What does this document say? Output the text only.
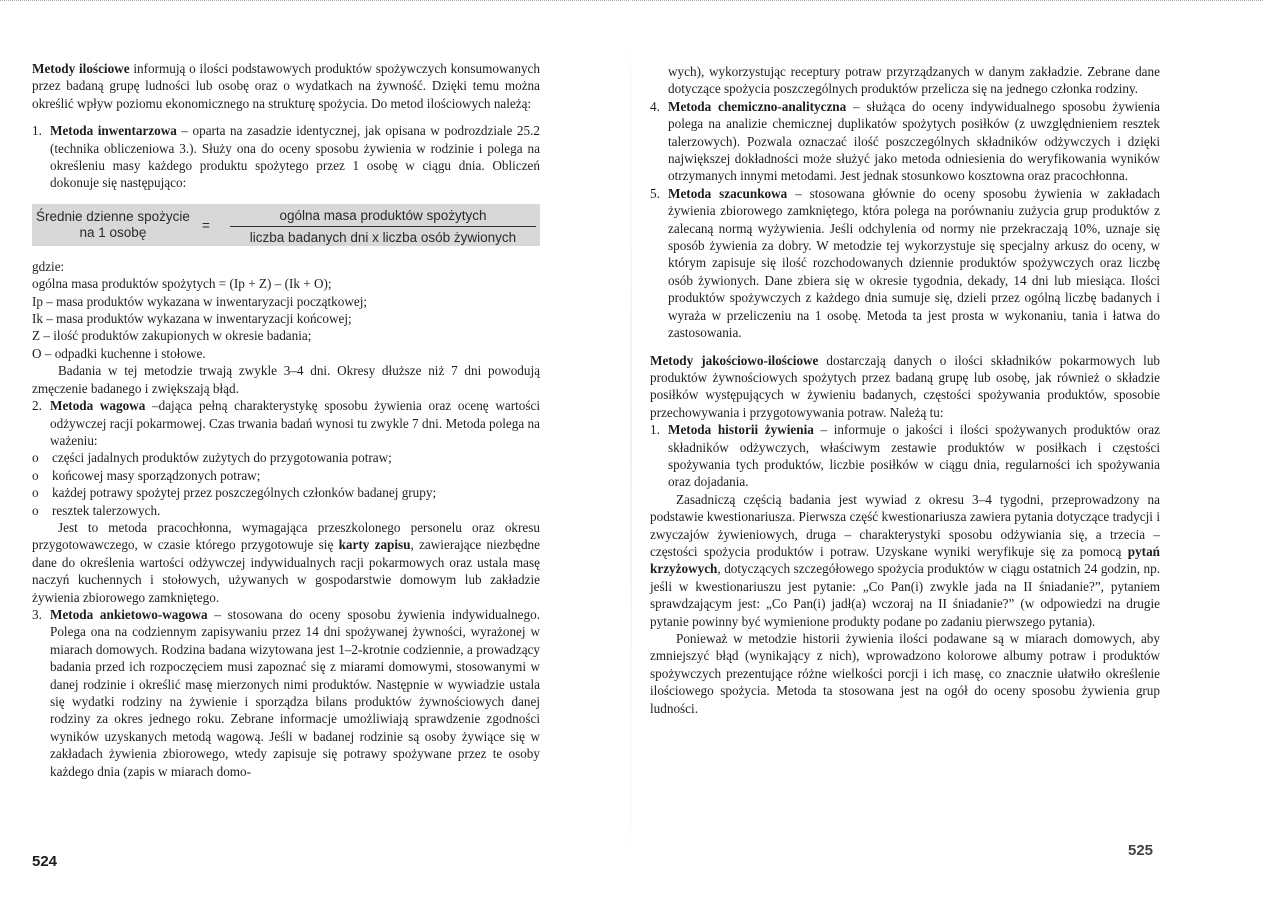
Metody ilościowe informują o ilości podstawowych produktów spożywczych konsumowanych przez badaną grupę ludności lub osobę oraz o wydatkach na żywność. Dzięki temu można określić wpływ poziomu ekonomicznego na strukturę spożycia. Do metod ilościowych należą:

1. Metoda inwentarzowa – oparta na zasadzie identycznej, jak opisana w podrozdziale 25.2 (technika obliczeniowa 3.). Służy ona do oceny sposobu żywienia w rodzinie i polega na określeniu masy każdego produktu spożytego przez 1 osobę w ciągu dnia. Obliczeń dokonuje się następująco:

Średnie dzienne spożycie
na 1 osobę	=
ogólna masa produktów spożytych
liczba badanych dni x liczba osób żywionych

gdzie:

ogólna masa produktów spożytych = (Ip + Z) – (Ik + O);

Ip – masa produktów wykazana w inwentaryzacji początkowej;

Ik – masa produktów wykazana w inwentaryzacji końcowej;

Z – ilość produktów zakupionych w okresie badania;

O – odpadki kuchenne i stołowe.

Badania w tej metodzie trwają zwykle 3–4 dni. Okresy dłuższe niż 7 dni powodują zmęczenie badanego i zwiększają błąd.

2. Metoda wagowa –dająca pełną charakterystykę sposobu żywienia oraz ocenę wartości odżywczej racji pokarmowej. Czas trwania badań wynosi tu zwykle 7 dni. Metoda polega na ważeniu:

o części jadalnych produktów zużytych do przygotowania potraw;

o końcowej masy sporządzonych potraw;

o każdej potrawy spożytej przez poszczególnych członków badanej grupy;

o resztek talerzowych.

Jest to metoda pracochłonna, wymagająca przeszkolonego personelu oraz okresu przygotowawczego, w czasie którego przygotowuje się karty zapisu, zawierające niezbędne dane do określenia wartości odżywczej indywidualnych racji pokarmowych oraz ustala masę naczyń kuchennych i stołowych, używanych w gospodarstwie domowym lub zakładzie żywienia zbiorowego zamkniętego.

3. Metoda ankietowo-wagowa – stosowana do oceny sposobu żywienia indywidualnego. Polega ona na codziennym zapisywaniu przez 14 dni spożywanej żywności, wyrażonej w miarach domowych. Rodzina badana wizytowana jest 1–2-krotnie codziennie, a prowadzący badania przed ich rozpoczęciem musi zapoznać się z miarami domowymi, stosowanymi w danej rodzinie i określić masę mierzonych nimi produktów. Następnie w wywiadzie ustala się wydatki rodziny na żywienie i sporządza bilans produktów żywnościowych danej rodziny za okres jednego roku. Zebrane informacje umożliwiają sprawdzenie zgodności wyników uzyskanych metodą wagową. Jeśli w badanej rodzinie są osoby żywiące się w zakładach żywienia zbiorowego, wtedy zapisuje się potrawy spożywane przez te osoby każdego dnia (zapis w miarach domo-

524

wych), wykorzystując receptury potraw przyrządzanych w danym zakładzie. Zebrane dane dotyczące spożycia poszczególnych produktów przelicza się na jednego członka rodziny.

4. Metoda chemiczno-analityczna – służąca do oceny indywidualnego sposobu żywienia polega na analizie chemicznej duplikatów spożytych posiłków (z uwzględnieniem resztek talerzowych). Pozwala oznaczać ilość poszczególnych składników odżywczych i dzięki największej dokładności może służyć jako metoda odniesienia do weryfikowania wyników otrzymanych innymi metodami. Jest jednak stosunkowo kosztowna oraz pracochłonna.

5. Metoda szacunkowa – stosowana głównie do oceny sposobu żywienia w zakładach żywienia zbiorowego zamkniętego, która polega na porównaniu zużycia grup produktów z zalecaną normą wyżywienia. Jeśli odchylenia od normy nie przekraczają 10%, uznaje się sposób żywienia za dobry. W metodzie tej wykorzystuje się specjalny arkusz do oceny, w którym zapisuje się ilość rozchodowanych dziennie produktów spożywczych oraz liczbę osób żywionych. Dane zbiera się w okresie tygodnia, dekady, 14 dni lub miesiąca. Ilości produktów spożywczych z każdego dnia sumuje się, dzieli przez ogólną liczbę badanych i wyraża w przeliczeniu na 1 osobę. Metoda ta jest prosta w wykonaniu, tania i łatwa do zastosowania.

Metody jakościowo-ilościowe dostarczają danych o ilości składników pokarmowych lub produktów żywnościowych spożytych przez badaną grupę lub osobę, jak również o składzie posiłków występujących w żywieniu badanych, częstości spożywania produktów, sposobie przechowywania i przygotowywania potraw. Należą tu:

1. Metoda historii żywienia – informuje o jakości i ilości spożywanych produktów oraz składników odżywczych, właściwym zestawie produktów w posiłkach i częstości spożywania tych produktów, liczbie posiłków w ciągu dnia, regularności ich spożywania oraz dojadania.

Zasadniczą częścią badania jest wywiad z okresu 3–4 tygodni, przeprowadzony na podstawie kwestionariusza. Pierwsza część kwestionariusza zawiera pytania dotyczące tradycji i zwyczajów żywieniowych, druga – charakterystyki sposobu odżywiania się, a trzecia – częstości spożycia produktów i potraw. Uzyskane wyniki weryfikuje się za pomocą pytań krzyżowych, dotyczących szczegółowego spożycia produktów w ciągu ostatnich 24 godzin, np. jeśli w kwestionariuszu jest pytanie: „Co Pan(i) zwykle jada na II śniadanie?”, pytaniem sprawdzającym jest: „Co Pan(i) jadł(a) wczoraj na II śniadanie?” (w odpowiedzi na drugie pytanie powinny być wymienione produkty podane po zadaniu pierwszego pytania).

Ponieważ w metodzie historii żywienia ilości podawane są w miarach domowych, aby zmniejszyć błąd (wynikający z nich), wprowadzono kolorowe albumy potraw i produktów spożywczych prezentujące różne wielkości porcji i ich masę, co znacznie ułatwiło określenie ilościowego spożycia. Metoda ta stosowana jest na ogół do oceny sposobu żywienia grup ludności.

525
